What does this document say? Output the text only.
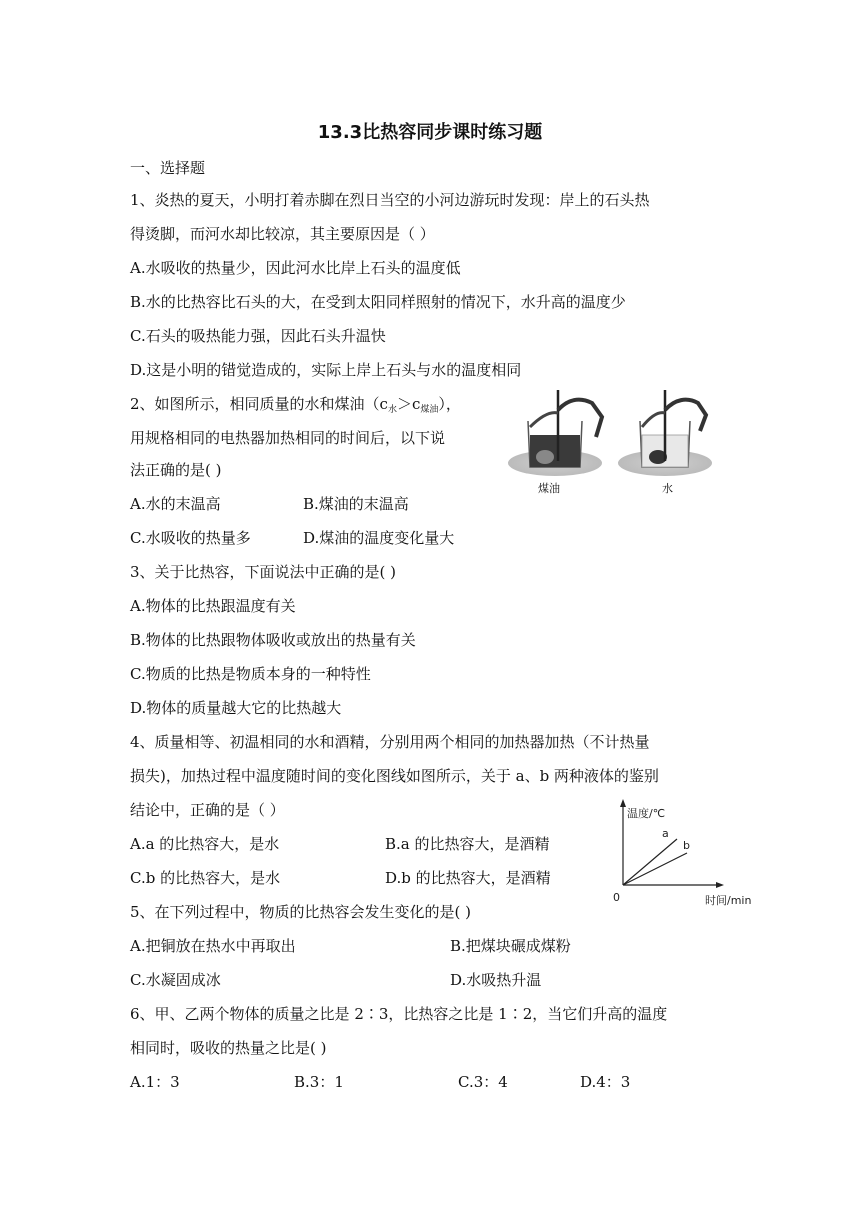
13.3比热容同步课时练习题
一、选择题
1、炎热的夏天，小明打着赤脚在烈日当空的小河边游玩时发现：岸上的石头热
得烫脚，而河水却比较凉，其主要原因是（ ）
A.水吸收的热量少，因此河水比岸上石头的温度低
B.水的比热容比石头的大，在受到太阳同样照射的情况下，水升高的温度少
C.石头的吸热能力强，因此石头升温快
D.这是小明的错觉造成的，实际上岸上石头与水的温度相同
2、如图所示，相同质量的水和煤油$(c_水>c_{煤油})$，
用规格相同的电热器加热相同的时间后，以下说
法正确的是( )
A.水的末温高	B.煤油的末温高
C.水吸收的热量多	D.煤油的温度变化量大
煤油	水
3、关于比热容，下面说法中正确的是( )
A.物体的比热跟温度有关
B.物体的比热跟物体吸收或放出的热量有关
C.物质的比热是物质本身的一种特性
D.物体的质量越大它的比热越大
4、质量相等、初温相同的水和酒精，分别用两个相同的加热器加热（不计热量
损失)，加热过程中温度随时间的变化图线如图所示，关于 a、b 两种液体的鉴别
结论中，正确的是（ ）
A.a 的比热容大，是水	B.a 的比热容大，是酒精
C.b 的比热容大，是水	D.b 的比热容大，是酒精
温度/℃
时间/min
0
a
b
5、在下列过程中，物质的比热容会发生变化的是( )
A.把铜放在热水中再取出	B.把煤块碾成煤粉
C.水凝固成冰	D.水吸热升温
6、甲、乙两个物体的质量之比是 2∶3，比热容之比是 1∶2，当它们升高的温度
相同时，吸收的热量之比是( )
A.1：3	B.3：1	C.3：4	D.4：3
